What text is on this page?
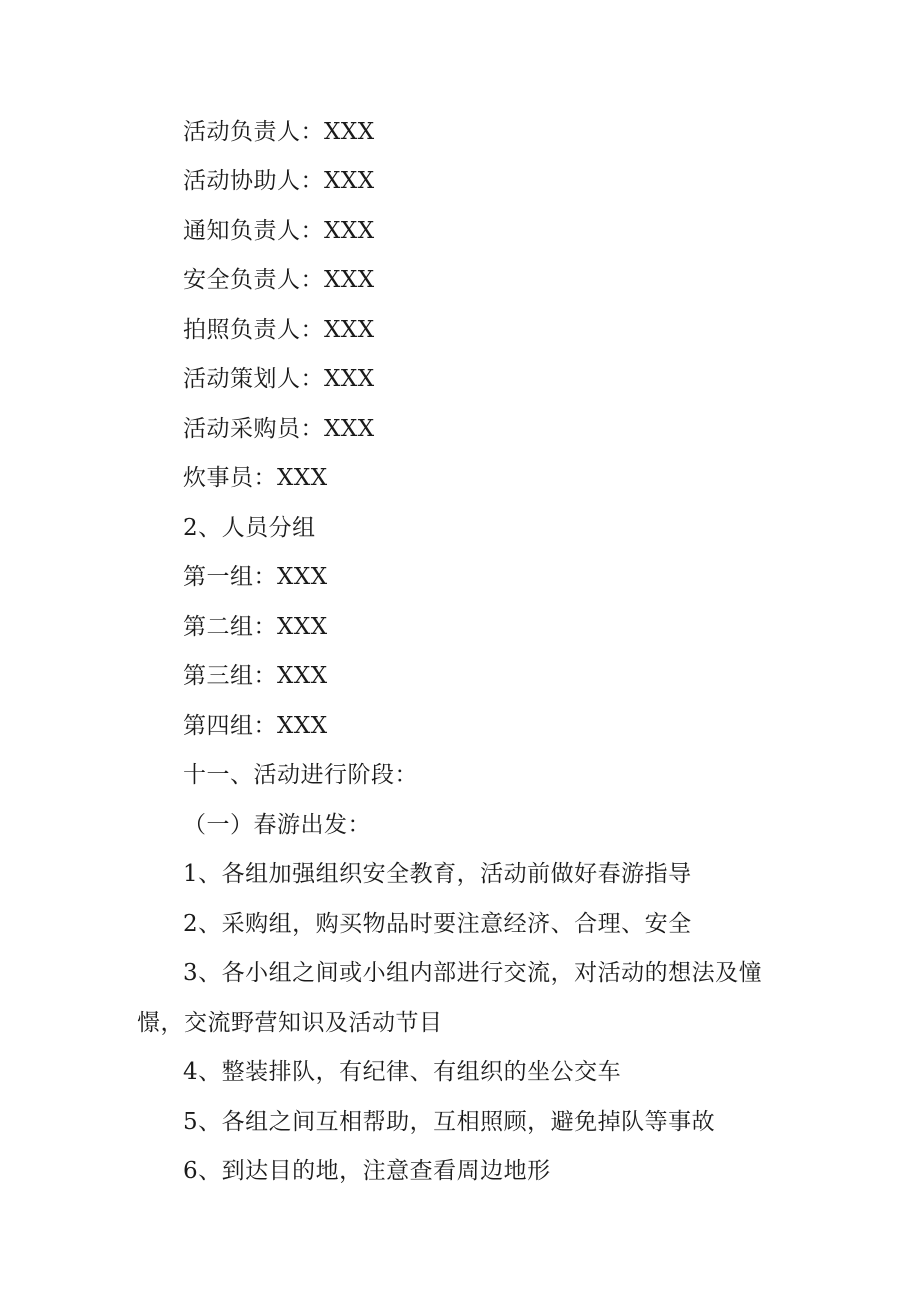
活动负责人：XXX
活动协助人：XXX
通知负责人：XXX
安全负责人：XXX
拍照负责人：XXX
活动策划人：XXX
活动采购员：XXX
炊事员：XXX
2、人员分组
第一组：XXX
第二组：XXX
第三组：XXX
第四组：XXX
十一、活动进行阶段：
（一）春游出发：
1、各组加强组织安全教育，活动前做好春游指导
2、采购组，购买物品时要注意经济、合理、安全
3、各小组之间或小组内部进行交流，对活动的想法及憧
憬，交流野营知识及活动节目
4、整装排队，有纪律、有组织的坐公交车
5、各组之间互相帮助，互相照顾，避免掉队等事故
6、到达目的地，注意查看周边地形
